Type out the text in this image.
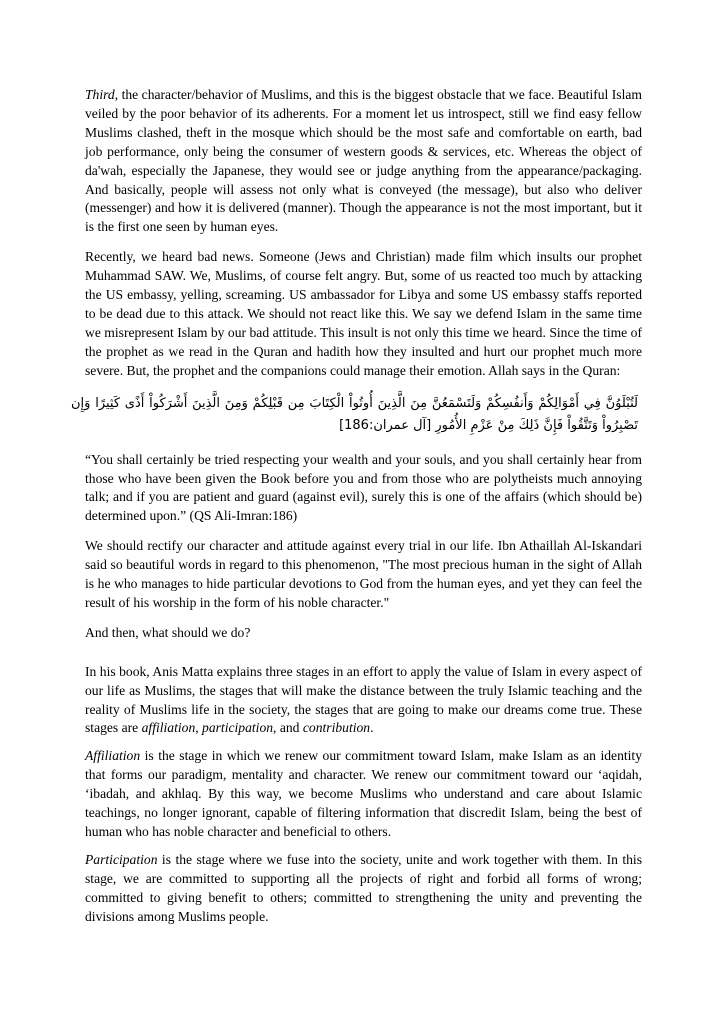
Third, the character/behavior of Muslims, and this is the biggest obstacle that we face. Beautiful Islam veiled by the poor behavior of its adherents. For a moment let us introspect, still we find easy fellow Muslims clashed, theft in the mosque which should be the most safe and comfortable on earth, bad job performance, only being the consumer of western goods & services, etc. Whereas the object of da'wah, especially the Japanese, they would see or judge anything from the appearance/packaging. And basically, people will assess not only what is conveyed (the message), but also who deliver (messenger) and how it is delivered (manner). Though the appearance is not the most important, but it is the first one seen by human eyes.

Recently, we heard bad news. Someone (Jews and Christian) made film which insults our prophet Muhammad SAW. We, Muslims, of course felt angry. But, some of us reacted too much by attacking the US embassy, yelling, screaming. US ambassador for Libya and some US embassy staffs reported to be dead due to this attack. We should not react like this. We say we defend Islam in the same time we misrepresent Islam by our bad attitude. This insult is not only this time we heard. Since the time of the prophet as we read in the Quran and hadith how they insulted and hurt our prophet much more severe. But, the prophet and the companions could manage their emotion. Allah says in the Quran:

لَتُبْلَوُنَّ فِي أَمْوَالِكُمْ وَأَنفُسِكُمْ وَلَتَسْمَعُنَّ مِنَ الَّذِينَ أُوتُواْ الْكِتَابَ مِن قَبْلِكُمْ وَمِنَ الَّذِينَ أَشْرَكُواْ أَذًى كَثِيرًا وَإِن
تَصْبِرُواْ وَتَتَّقُواْ فَإِنَّ ذَلِكَ مِنْ عَزْمِ الأُمُورِ [آل عمران:186]

“You shall certainly be tried respecting your wealth and your souls, and you shall certainly hear from those who have been given the Book before you and from those who are polytheists much annoying talk; and if you are patient and guard (against evil), surely this is one of the affairs (which should be) determined upon.” (QS Ali-Imran:186)

We should rectify our character and attitude against every trial in our life. Ibn Athaillah Al-Iskandari said so beautiful words in regard to this phenomenon, "The most precious human in the sight of Allah is he who manages to hide particular devotions to God from the human eyes, and yet they can feel the result of his worship in the form of his noble character."

And then, what should we do?

In his book, Anis Matta explains three stages in an effort to apply the value of Islam in every aspect of our life as Muslims, the stages that will make the distance between the truly Islamic teaching and the reality of Muslims life in the society, the stages that are going to make our dreams come true. These stages are affiliation, participation, and contribution.

Affiliation is the stage in which we renew our commitment toward Islam, make Islam as an identity that forms our paradigm, mentality and character. We renew our commitment toward our ‘aqidah, ‘ibadah, and akhlaq. By this way, we become Muslims who understand and care about Islamic teachings, no longer ignorant, capable of filtering information that discredit Islam, being the best of human who has noble character and beneficial to others.

Participation is the stage where we fuse into the society, unite and work together with them. In this stage, we are committed to supporting all the projects of right and forbid all forms of wrong; committed to giving benefit to others; committed to strengthening the unity and preventing the divisions among Muslims people.
